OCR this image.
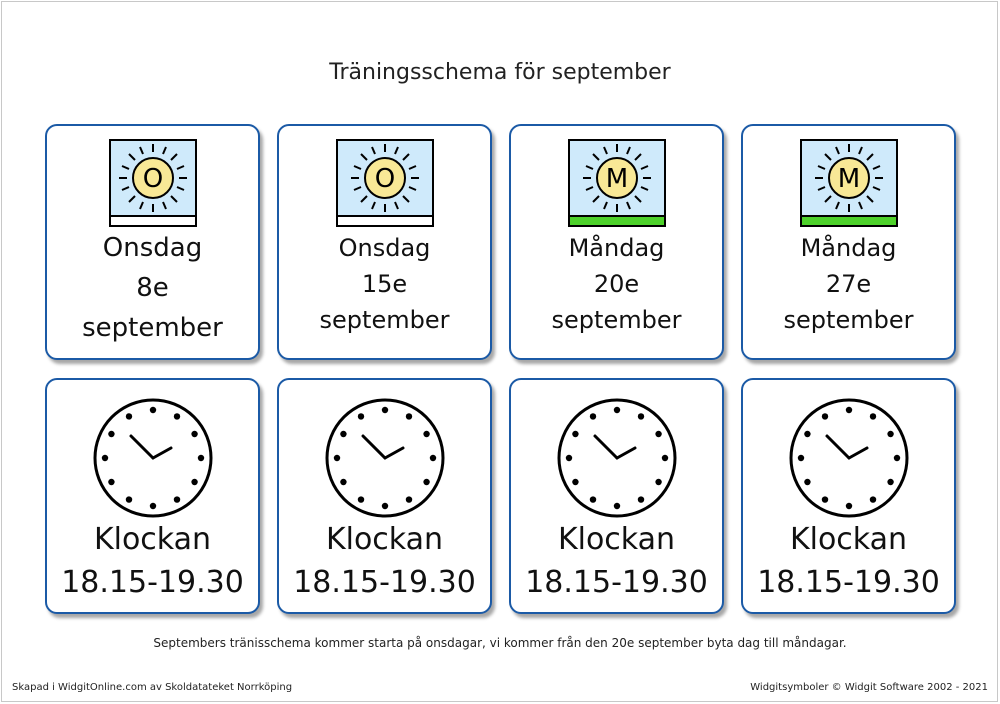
Träningsschema för september
O
Onsdag
8e
september
O
Onsdag
15e
september
M
Måndag
20e
september
M
Måndag
27e
september
Klockan
18.15-19.30
Klockan
18.15-19.30
Klockan
18.15-19.30
Klockan
18.15-19.30
Septembers tränisschema kommer starta på onsdagar, vi kommer från den 20e september byta dag till måndagar.
Skapad i WidgitOnline.com av Skoldatateket Norrköping	Widgitsymboler © Widgit Software 2002 - 2021
